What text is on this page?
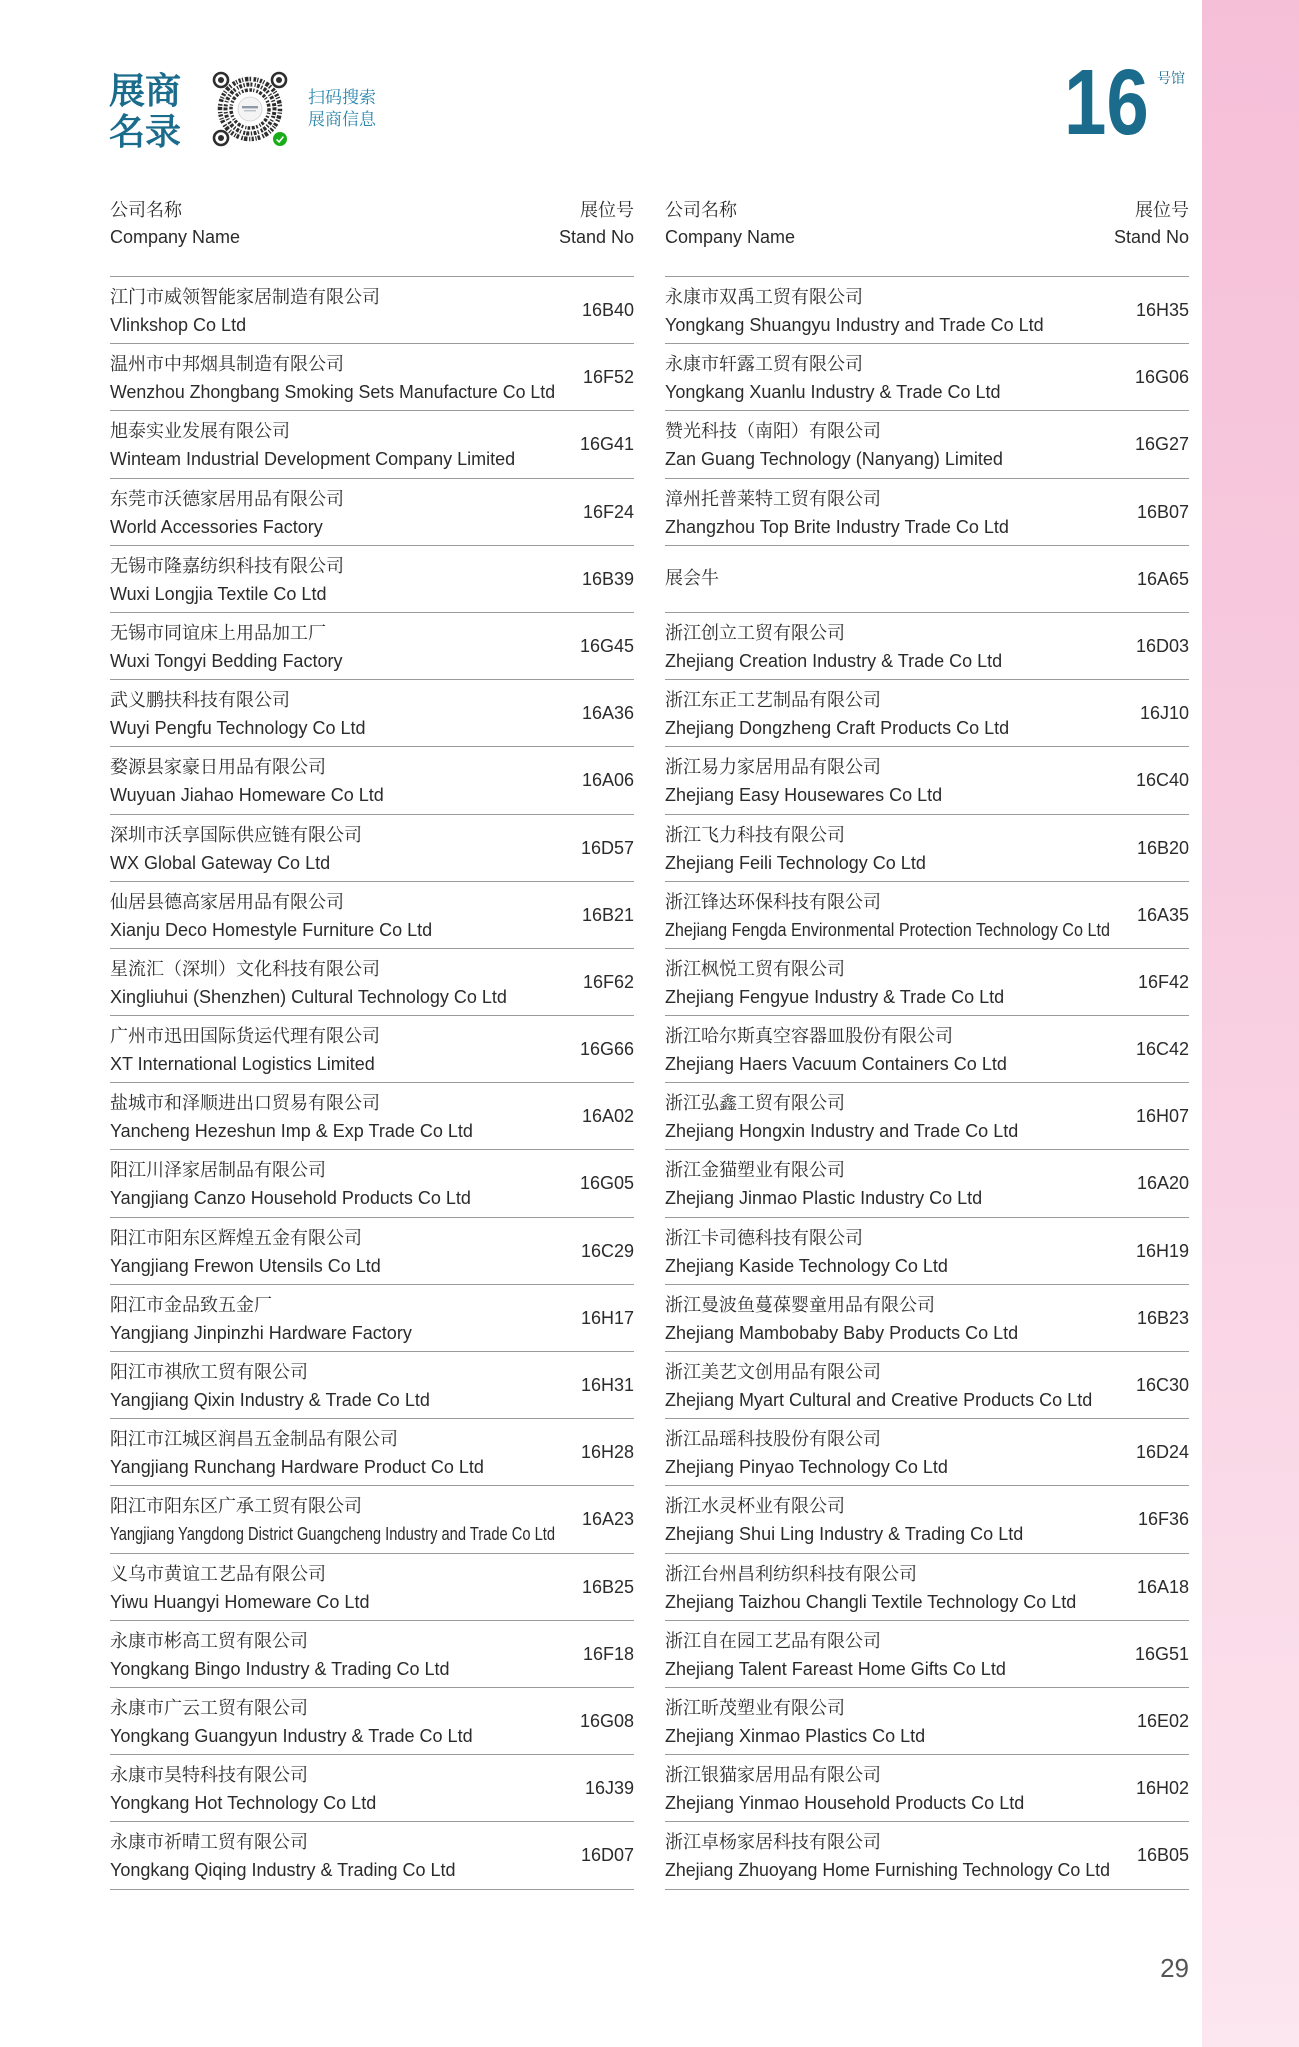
展商
名录
扫码搜索
展商信息	16 号馆
公司名称
Company Name
展位号
Stand No
江门市威领智能家居制造有限公司
Vlinkshop Co Ltd
16B40
温州市中邦烟具制造有限公司
Wenzhou Zhongbang Smoking Sets Manufacture Co Ltd
16F52
旭泰实业发展有限公司
Winteam Industrial Development Company Limited
16G41
东莞市沃德家居用品有限公司
World Accessories Factory
16F24
无锡市隆嘉纺织科技有限公司
Wuxi Longjia Textile Co Ltd
16B39
无锡市同谊床上用品加工厂
Wuxi Tongyi Bedding Factory
16G45
武义鹏扶科技有限公司
Wuyi Pengfu Technology Co Ltd
16A36
婺源县家豪日用品有限公司
Wuyuan Jiahao Homeware Co Ltd
16A06
深圳市沃享国际供应链有限公司
WX Global Gateway Co Ltd
16D57
仙居县德高家居用品有限公司
Xianju Deco Homestyle Furniture Co Ltd
16B21
星流汇（深圳）文化科技有限公司
Xingliuhui (Shenzhen) Cultural Technology Co Ltd
16F62
广州市迅田国际货运代理有限公司
XT International Logistics Limited
16G66
盐城市和泽顺进出口贸易有限公司
Yancheng Hezeshun Imp & Exp Trade Co Ltd
16A02
阳江川泽家居制品有限公司
Yangjiang Canzo Household Products Co Ltd
16G05
阳江市阳东区辉煌五金有限公司
Yangjiang Frewon Utensils Co Ltd
16C29
阳江市金品致五金厂
Yangjiang Jinpinzhi Hardware Factory
16H17
阳江市祺欣工贸有限公司
Yangjiang Qixin Industry & Trade Co Ltd
16H31
阳江市江城区润昌五金制品有限公司
Yangjiang Runchang Hardware Product Co Ltd
16H28
阳江市阳东区广承工贸有限公司
Yangjiang Yangdong District Guangcheng Industry and Trade Co Ltd
16A23
义乌市黄谊工艺品有限公司
Yiwu Huangyi Homeware Co Ltd
16B25
永康市彬高工贸有限公司
Yongkang Bingo Industry & Trading Co Ltd
16F18
永康市广云工贸有限公司
Yongkang Guangyun Industry & Trade Co Ltd
16G08
永康市昊特科技有限公司
Yongkang Hot Technology Co Ltd
16J39
永康市祈晴工贸有限公司
Yongkang Qiqing Industry & Trading Co Ltd
16D07
公司名称
Company Name
展位号
Stand No
永康市双禹工贸有限公司
Yongkang Shuangyu Industry and Trade Co Ltd
16H35
永康市轩露工贸有限公司
Yongkang Xuanlu Industry & Trade Co Ltd
16G06
赞光科技（南阳）有限公司
Zan Guang Technology (Nanyang) Limited
16G27
漳州托普莱特工贸有限公司
Zhangzhou Top Brite Industry Trade Co Ltd
16B07
展会牛	16A65
浙江创立工贸有限公司
Zhejiang Creation Industry & Trade Co Ltd
16D03
浙江东正工艺制品有限公司
Zhejiang Dongzheng Craft Products Co Ltd
16J10
浙江易力家居用品有限公司
Zhejiang Easy Housewares Co Ltd
16C40
浙江飞力科技有限公司
Zhejiang Feili Technology Co Ltd
16B20
浙江锋达环保科技有限公司
Zhejiang Fengda Environmental Protection Technology Co Ltd
16A35
浙江枫悦工贸有限公司
Zhejiang Fengyue Industry & Trade Co Ltd
16F42
浙江哈尔斯真空容器皿股份有限公司
Zhejiang Haers Vacuum Containers Co Ltd
16C42
浙江弘鑫工贸有限公司
Zhejiang Hongxin Industry and Trade Co Ltd
16H07
浙江金猫塑业有限公司
Zhejiang Jinmao Plastic Industry Co Ltd
16A20
浙江卡司德科技有限公司
Zhejiang Kaside Technology Co Ltd
16H19
浙江曼波鱼蔓葆婴童用品有限公司
Zhejiang Mambobaby Baby Products Co Ltd
16B23
浙江美艺文创用品有限公司
Zhejiang Myart Cultural and Creative Products Co Ltd
16C30
浙江品瑶科技股份有限公司
Zhejiang Pinyao Technology Co Ltd
16D24
浙江水灵杯业有限公司
Zhejiang Shui Ling Industry & Trading Co Ltd
16F36
浙江台州昌利纺织科技有限公司
Zhejiang Taizhou Changli Textile Technology Co Ltd
16A18
浙江自在园工艺品有限公司
Zhejiang Talent Fareast Home Gifts Co Ltd
16G51
浙江昕茂塑业有限公司
Zhejiang Xinmao Plastics Co Ltd
16E02
浙江银猫家居用品有限公司
Zhejiang Yinmao Household Products Co Ltd
16H02
浙江卓杨家居科技有限公司
Zhejiang Zhuoyang Home Furnishing Technology Co Ltd
16B05
29
